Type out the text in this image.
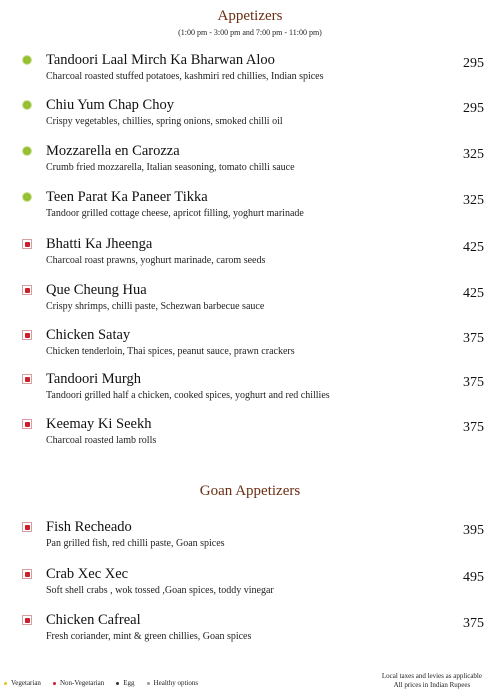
Appetizers
(1:00 pm - 3:00 pm and 7:00 pm - 11:00 pm)
Tandoori Laal Mirch Ka Bharwan Aloo
Charcoal roasted stuffed potatoes, kashmiri red chillies, Indian spices
295
Chiu Yum Chap Choy
Crispy vegetables, chillies, spring onions, smoked chilli oil
295
Mozzarella en Carozza
Crumb fried mozzarella, Italian seasoning, tomato chilli sauce
325
Teen Parat Ka Paneer Tikka
Tandoor grilled cottage cheese, apricot filling, yoghurt marinade
325
Bhatti Ka Jheenga
Charcoal roast prawns, yoghurt marinade, carom seeds
425
Que Cheung Hua
Crispy shrimps, chilli paste, Schezwan barbecue sauce
425
Chicken Satay
Chicken tenderloin, Thai spices, peanut sauce, prawn crackers
375
Tandoori Murgh
Tandoori grilled half a chicken, cooked spices, yoghurt and red chillies
375
Keemay Ki Seekh
Charcoal roasted lamb rolls
375
Goan Appetizers
Fish Recheado
Pan grilled fish, red chilli paste, Goan spices
395
Crab Xec Xec
Soft shell crabs , wok tossed ,Goan spices, toddy vinegar
495
Chicken Cafreal
Fresh coriander, mint & green chillies, Goan spices
375
Vegetarian	Non-Vegetarian	Egg	Healthy options
Local taxes and levies as applicable
All prices in Indian Rupees
